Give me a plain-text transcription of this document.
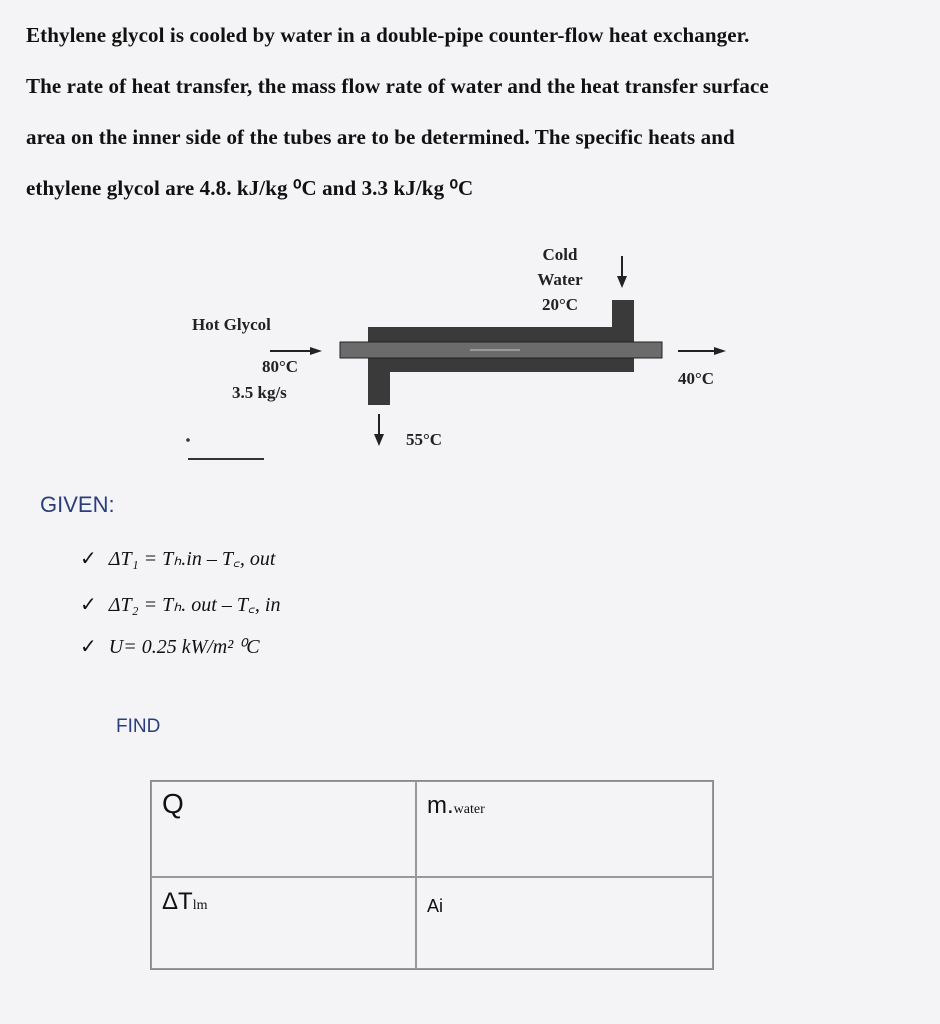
Ethylene glycol is cooled by water in a double-pipe counter-flow heat exchanger.
The rate of heat transfer, the mass flow rate of water and the heat transfer surface
area on the inner side of the tubes are to be determined. The specific heats and
ethylene glycol are 4.8. kJ/kg ⁰C and 3.3 kJ/kg ⁰C
Cold
Water
20°C
Hot Glycol
80°C
3.5 kg/s
40°C
55°C
GIVEN:
✓ ΔT₁ = Tₕ.in – T꜀, out
✓ ΔT₂ = Tₕ. out – T꜀, in
✓ U= 0.25 kW/m² ⁰C
FIND
Q	m.water
ΔTlm	Ai
